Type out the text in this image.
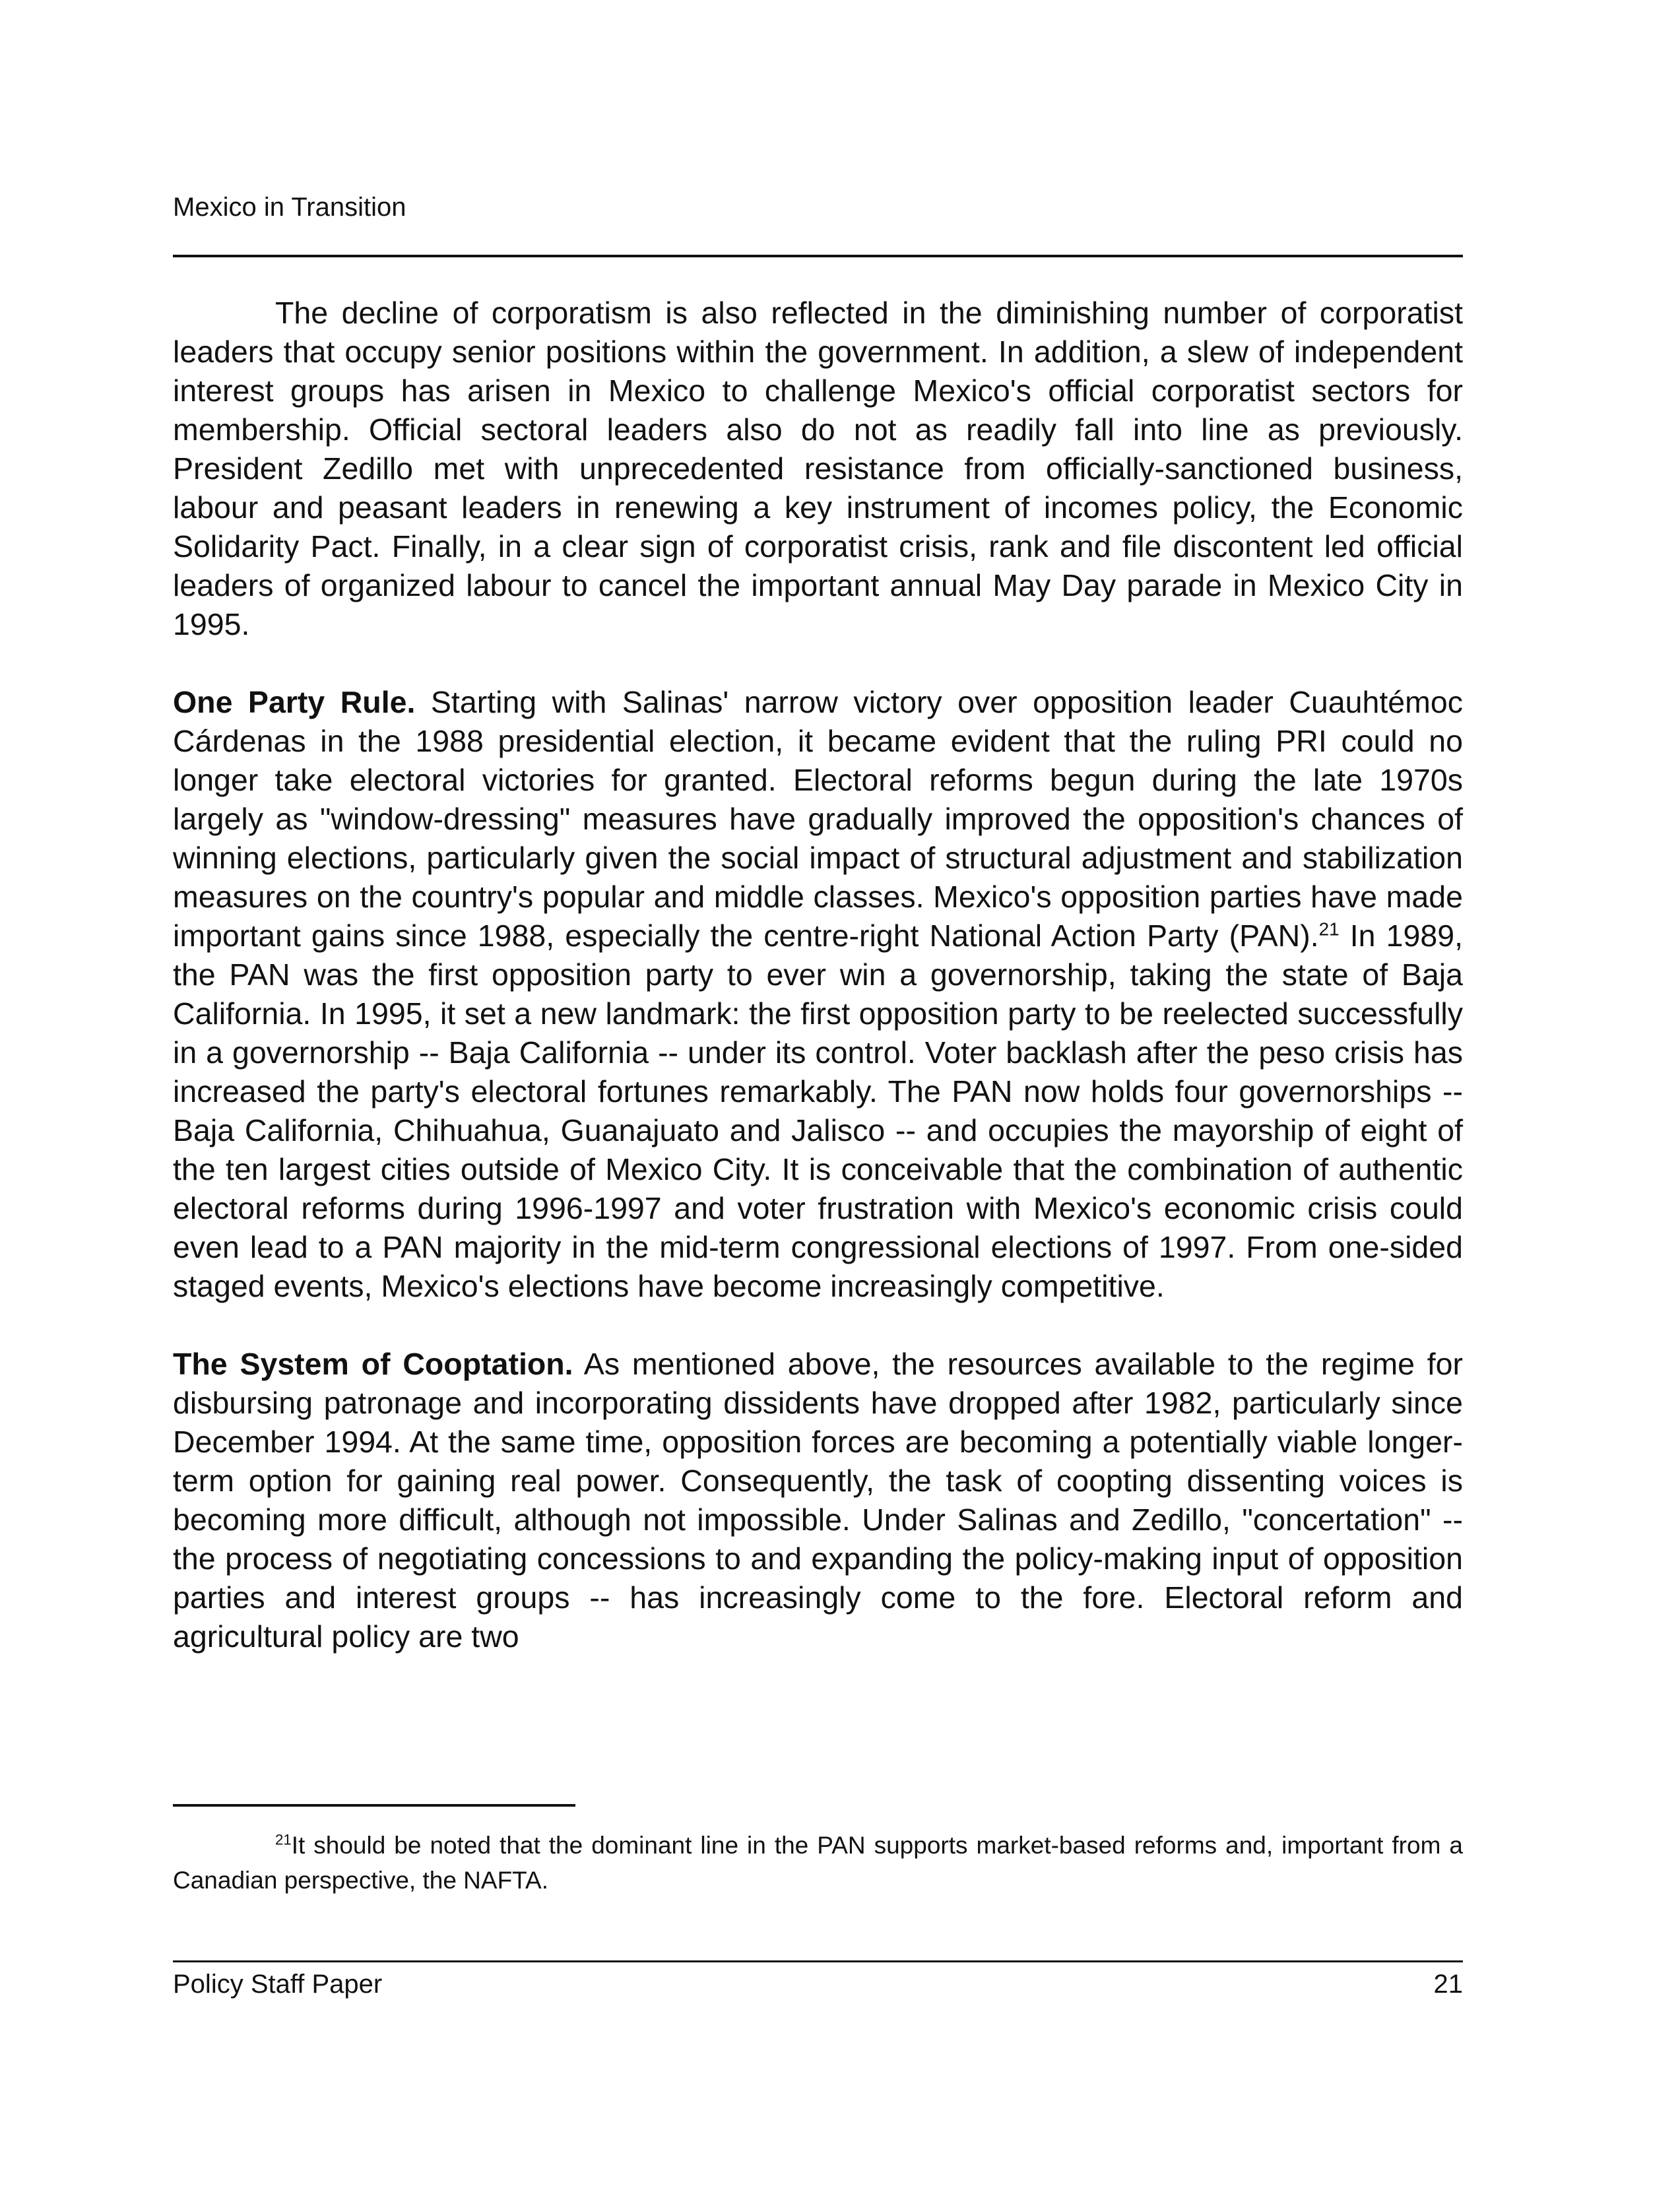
Mexico in Transition

The decline of corporatism is also reflected in the diminishing number of corporatist leaders that occupy senior positions within the government. In addition, a slew of independent interest groups has arisen in Mexico to challenge Mexico's official corporatist sectors for membership. Official sectoral leaders also do not as readily fall into line as previously. President Zedillo met with unprecedented resistance from officially-sanctioned business, labour and peasant leaders in renewing a key instrument of incomes policy, the Economic Solidarity Pact. Finally, in a clear sign of corporatist crisis, rank and file discontent led official leaders of organized labour to cancel the important annual May Day parade in Mexico City in 1995.

One Party Rule. Starting with Salinas' narrow victory over opposition leader Cuauhtémoc Cárdenas in the 1988 presidential election, it became evident that the ruling PRI could no longer take electoral victories for granted. Electoral reforms begun during the late 1970s largely as "window-dressing" measures have gradually improved the opposition's chances of winning elections, particularly given the social impact of structural adjustment and stabilization measures on the country's popular and middle classes. Mexico's opposition parties have made important gains since 1988, especially the centre-right National Action Party (PAN).$^{21}$ In 1989, the PAN was the first opposition party to ever win a governorship, taking the state of Baja California. In 1995, it set a new landmark: the first opposition party to be reelected successfully in a governorship -- Baja California -- under its control. Voter backlash after the peso crisis has increased the party's electoral fortunes remarkably. The PAN now holds four governorships -- Baja California, Chihuahua, Guanajuato and Jalisco -- and occupies the mayorship of eight of the ten largest cities outside of Mexico City. It is conceivable that the combination of authentic electoral reforms during 1996-1997 and voter frustration with Mexico's economic crisis could even lead to a PAN majority in the mid-term congressional elections of 1997. From one-sided staged events, Mexico's elections have become increasingly competitive.

The System of Cooptation. As mentioned above, the resources available to the regime for disbursing patronage and incorporating dissidents have dropped after 1982, particularly since December 1994. At the same time, opposition forces are becoming a potentially viable longer-term option for gaining real power. Consequently, the task of coopting dissenting voices is becoming more difficult, although not impossible. Under Salinas and Zedillo, "concertation" -- the process of negotiating concessions to and expanding the policy-making input of opposition parties and interest groups -- has increasingly come to the fore. Electoral reform and agricultural policy are two

$^{21}$It should be noted that the dominant line in the PAN supports market-based reforms and, important from a Canadian perspective, the NAFTA.

Policy Staff Paper	21
